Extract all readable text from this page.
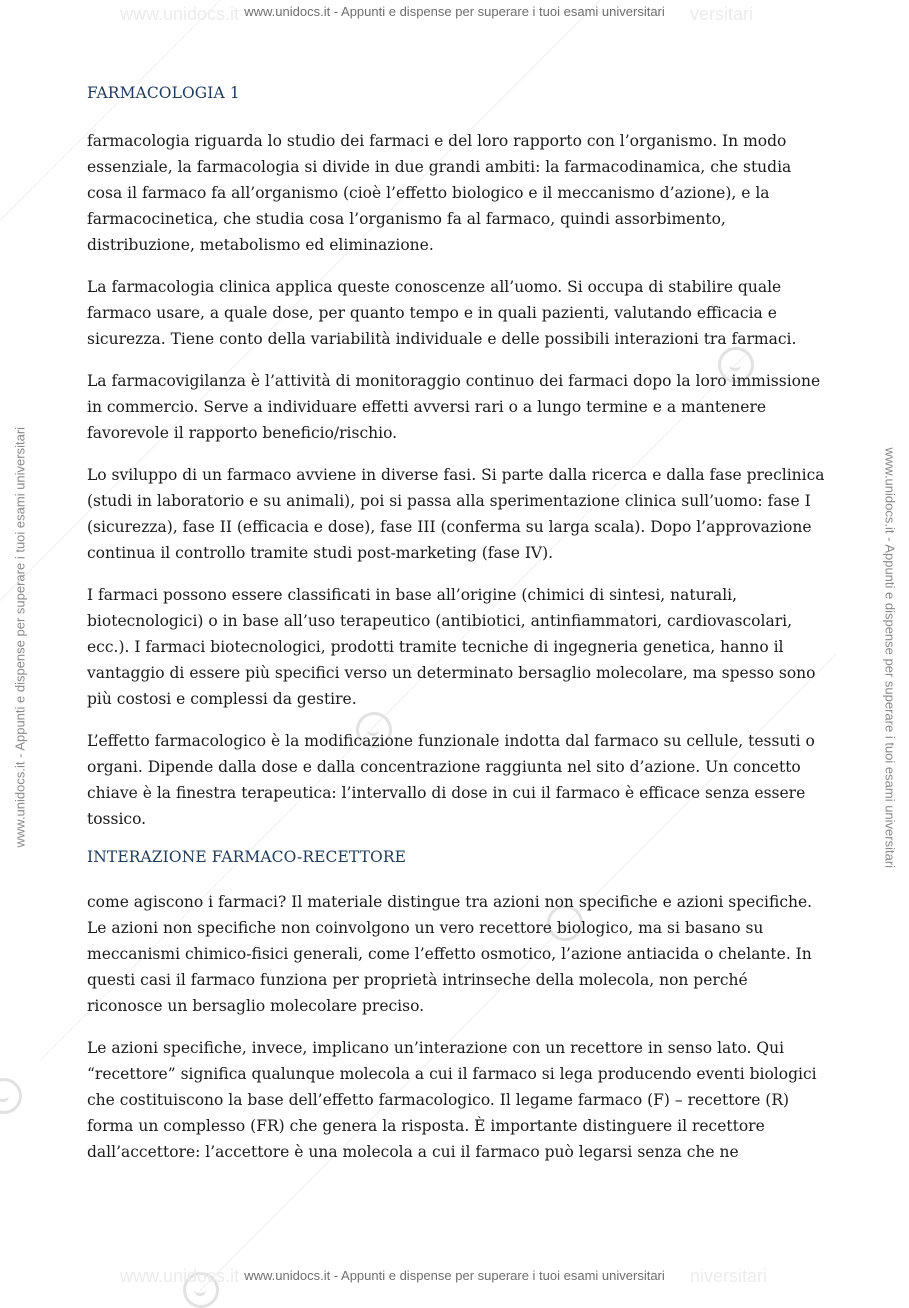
www.unidocs.it	versitari
www.unidocs.it	niversitari
www.unidocs.it - Appunti e dispense per superare i tuoi esami universitari
www.unidocs.it - Appunti e dispense per superare i tuoi esami universitari
www.unidocs.it - Appunti e dispense per superare i tuoi esami universitari	www.unidocs.it - Appunti e dispense per superare i tuoi esami universitari
FARMACOLOGIA 1

farmacologia riguarda lo studio dei farmaci e del loro rapporto con l’organismo. In modo essenziale, la farmacologia si divide in due grandi ambiti: la farmacodinamica, che studia cosa il farmaco fa all’organismo (cioè l’effetto biologico e il meccanismo d’azione), e la farmacocinetica, che studia cosa l’organismo fa al farmaco, quindi assorbimento, distribuzione, metabolismo ed eliminazione.

La farmacologia clinica applica queste conoscenze all’uomo. Si occupa di stabilire quale farmaco usare, a quale dose, per quanto tempo e in quali pazienti, valutando efficacia e sicurezza. Tiene conto della variabilità individuale e delle possibili interazioni tra farmaci.

La farmacovigilanza è l’attività di monitoraggio continuo dei farmaci dopo la loro immissione in commercio. Serve a individuare effetti avversi rari o a lungo termine e a mantenere favorevole il rapporto beneficio/rischio.

Lo sviluppo di un farmaco avviene in diverse fasi. Si parte dalla ricerca e dalla fase preclinica (studi in laboratorio e su animali), poi si passa alla sperimentazione clinica sull’uomo: fase I (sicurezza), fase II (efficacia e dose), fase III (conferma su larga scala). Dopo l’approvazione continua il controllo tramite studi post-marketing (fase IV).

I farmaci possono essere classificati in base all’origine (chimici di sintesi, naturali, biotecnologici) o in base all’uso terapeutico (antibiotici, antinfiammatori, cardiovascolari, ecc.). I farmaci biotecnologici, prodotti tramite tecniche di ingegneria genetica, hanno il vantaggio di essere più specifici verso un determinato bersaglio molecolare, ma spesso sono più costosi e complessi da gestire.

L’effetto farmacologico è la modificazione funzionale indotta dal farmaco su cellule, tessuti o organi. Dipende dalla dose e dalla concentrazione raggiunta nel sito d’azione. Un concetto chiave è la finestra terapeutica: l’intervallo di dose in cui il farmaco è efficace senza essere tossico.

INTERAZIONE FARMACO-RECETTORE

come agiscono i farmaci? Il materiale distingue tra azioni non specifiche e azioni specifiche. Le azioni non specifiche non coinvolgono un vero recettore biologico, ma si basano su meccanismi chimico-fisici generali, come l’effetto osmotico, l’azione antiacida o chelante. In questi casi il farmaco funziona per proprietà intrinseche della molecola, non perché riconosce un bersaglio molecolare preciso.

Le azioni specifiche, invece, implicano un’interazione con un recettore in senso lato. Qui “recettore” significa qualunque molecola a cui il farmaco si lega producendo eventi biologici che costituiscono la base dell’effetto farmacologico. Il legame farmaco (F) – recettore (R) forma un complesso (FR) che genera la risposta. È importante distinguere il recettore dall’accettore: l’accettore è una molecola a cui il farmaco può legarsi senza che ne
